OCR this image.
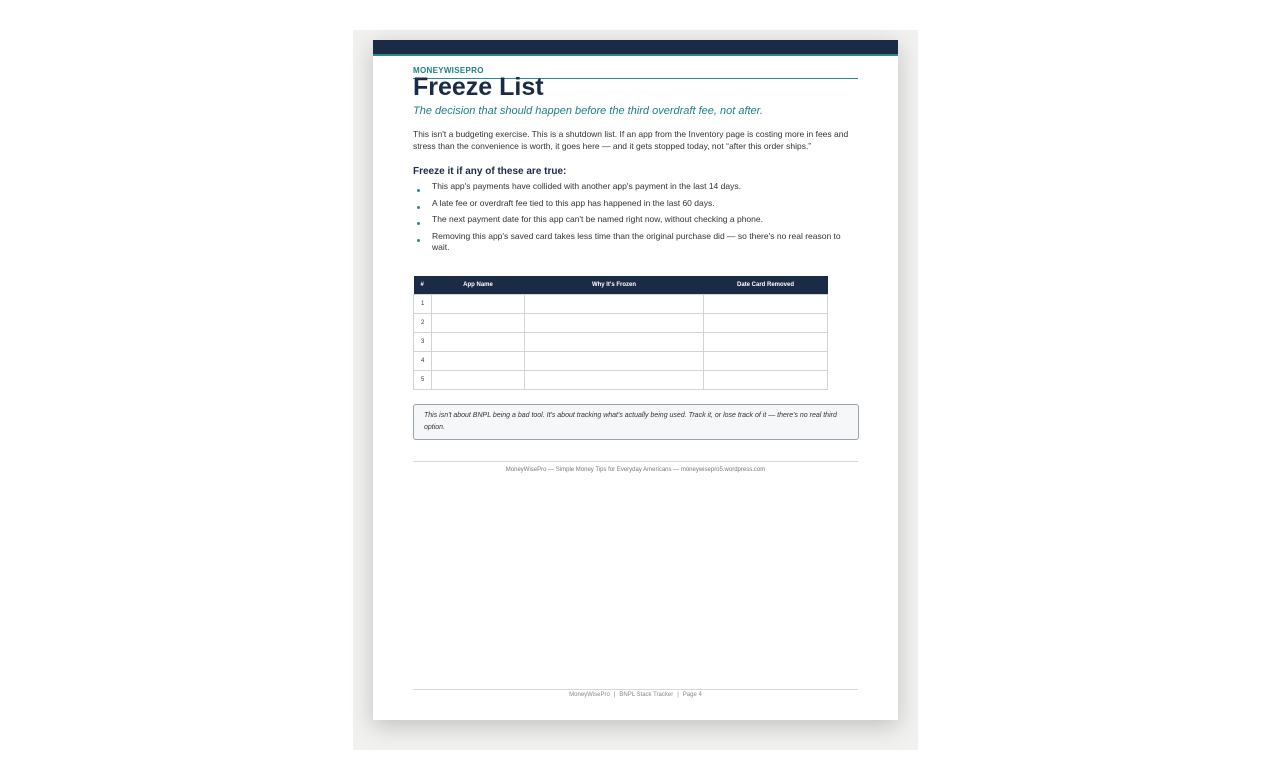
MONEYWISEPRO
Freeze List
The decision that should happen before the third overdraft fee, not after.
This isn't a budgeting exercise. This is a shutdown list. If an app from the Inventory page is costing more in fees and stress than the convenience is worth, it goes here — and it gets stopped today, not “after this order ships.”
Freeze it if any of these are true:
This app's payments have collided with another app's payment in the last 14 days.
A late fee or overdraft fee tied to this app has happened in the last 60 days.
The next payment date for this app can't be named right now, without checking a phone.
Removing this app's saved card takes less time than the original purchase did — so there's no real reason to wait.
#	App Name	Why It's Frozen	Date Card Removed
1			
2			
3			
4			
5			
This isn't about BNPL being a bad tool. It's about tracking what's actually being used. Track it, or lose track of it — there's no real third option.
MoneyWisePro — Simple Money Tips for Everyday Americans — moneywisepro5.wordpress.com
MoneyWisePro | BNPL Stack Tracker | Page 4
